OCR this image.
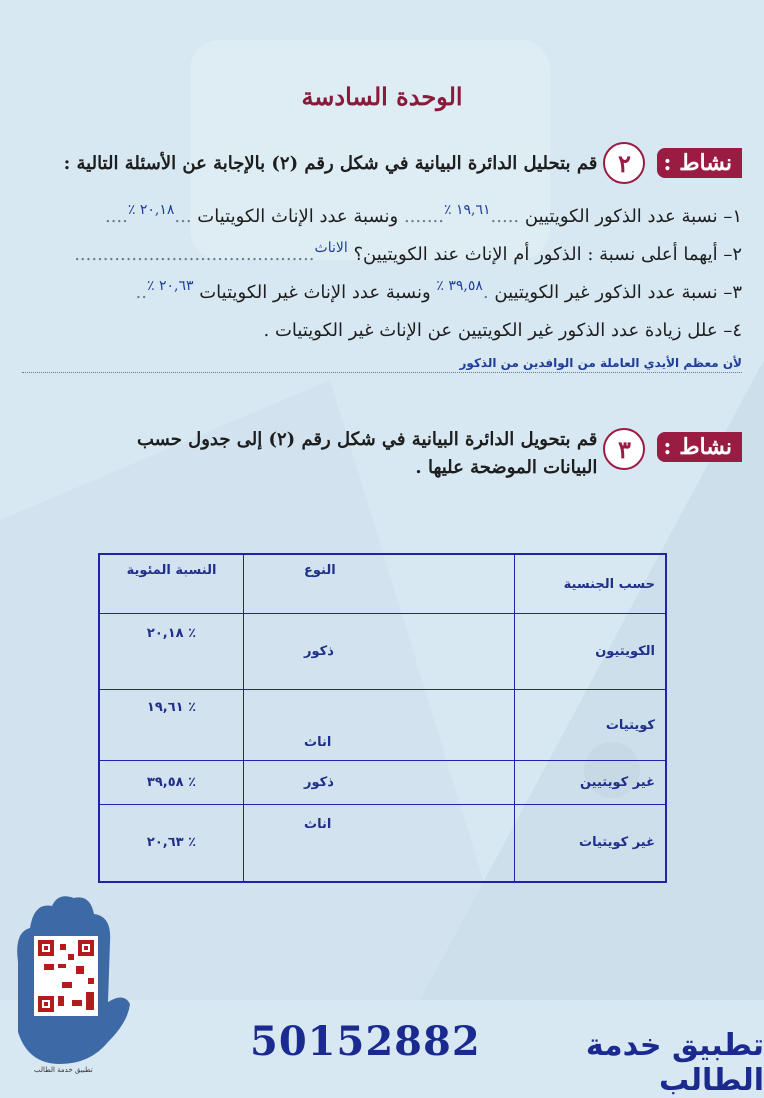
الوحدة السادسة
نشاط :
٢
قم بتحليل الدائرة البيانية في شكل رقم (٢) بالإجابة عن الأسئلة التالية :
١– نسبة عدد الذكور الكويتيين .....$^{١٩,٦١ ٪}$....... ونسبة عدد الإناث الكويتيات ...$^{٢٠,١٨ ٪}$....
٢– أيهما أعلى نسبة : الذكور أم الإناث عند الكويتيين؟ $^{الاناث}$..........................................
٣– نسبة عدد الذكور غير الكويتيين .$^{٣٩,٥٨ ٪}$ ونسبة عدد الإناث غير الكويتيات $^{٢٠,٦٣ ٪}$..
٤– علل زيادة عدد الذكور غير الكويتيين عن الإناث غير الكويتيات .
لأن معظم الأيدي العاملة من الوافدين من الذكور
نشاط :
٣
قم بتحويل الدائرة البيانية في شكل رقم (٢) إلى جدول حسب البيانات الموضحة عليها .
حسب الجنسية	النوع	النسبة المئوية
الكويتيون	ذكور	٪ ٢٠,١٨
كويتيات	اناث	٪ ١٩,٦١
غير كويتيين	ذكور	٪ ٣٩,٥٨
غير كويتيات	اناث	٪ ٢٠,٦٣
تطبيق خدمة الطالب
50152882	تطبيق خدمة الطالب
